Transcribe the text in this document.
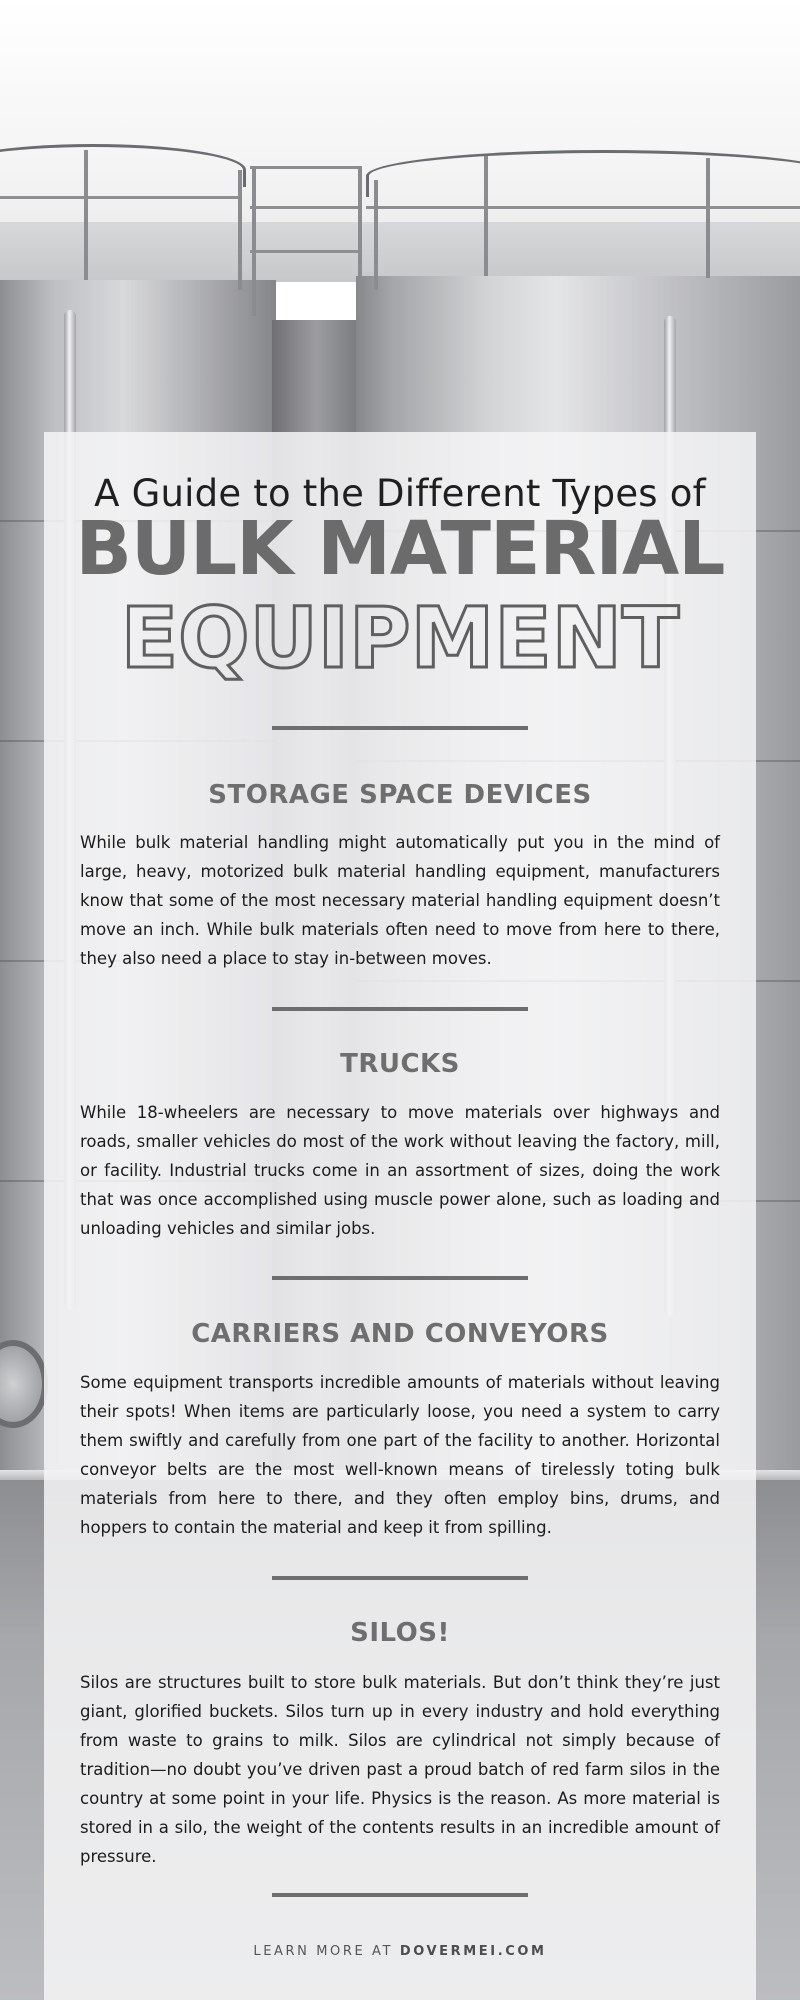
A Guide to the Different Types of
BULK MATERIAL
EQUIPMENT
STORAGE SPACE DEVICES

While bulk material handling might automatically put you in the mind of large, heavy, motorized bulk material handling equipment, manufacturers know that some of the most necessary material handling equipment doesn’t move an inch. While bulk materials often need to move from here to there, they also need a place to stay in-between moves.

TRUCKS

While 18-wheelers are necessary to move materials over highways and roads, smaller vehicles do most of the work without leaving the factory, mill, or facility. Industrial trucks come in an assortment of sizes, doing the work that was once accomplished using muscle power alone, such as loading and unloading vehicles and similar jobs.

CARRIERS AND CONVEYORS

Some equipment transports incredible amounts of materials without leaving their spots! When items are particularly loose, you need a system to carry them swiftly and carefully from one part of the facility to another. Horizontal conveyor belts are the most well-known means of tirelessly toting bulk materials from here to there, and they often employ bins, drums, and hoppers to contain the material and keep it from spilling.

SILOS!

Silos are structures built to store bulk materials. But don’t think they’re just giant, glorified buckets. Silos turn up in every industry and hold everything from waste to grains to milk. Silos are cylindrical not simply because of tradition—no doubt you’ve driven past a proud batch of red farm silos in the country at some point in your life. Physics is the reason. As more material is stored in a silo, the weight of the contents results in an incredible amount of pressure.

LEARN MORE AT DOVERMEI.COM
